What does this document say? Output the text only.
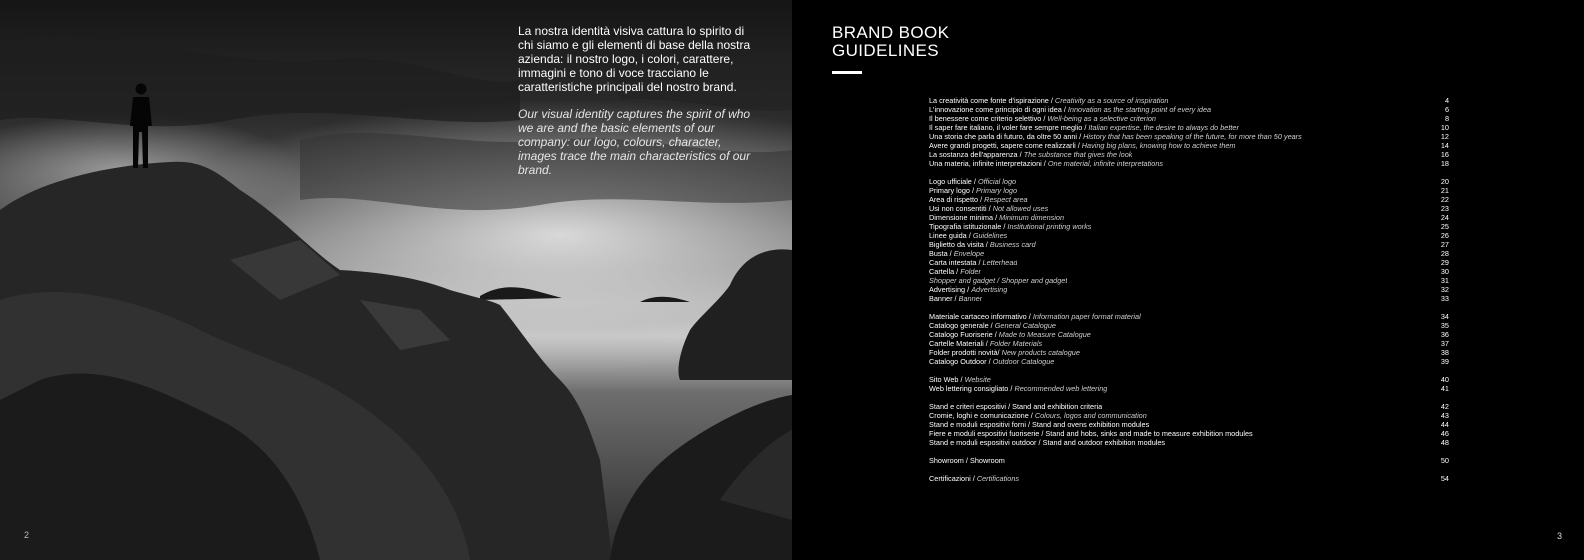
La nostra identità visiva cattura lo spirito di chi siamo e gli elementi di base della nostra azienda: il nostro logo, i colori, carattere, immagini e tono di voce tracciano le caratteristiche principali del nostro brand.

Our visual identity captures the spirit of who we are and the basic elements of our company: our logo, colours, character, images trace the main characteristics of our brand.

2
BRAND BOOK
GUIDELINES
La creatività come fonte d'ispirazione / Creativity as a source of inspiration	4
L'innovazione come principio di ogni idea / Innovation as the starting point of every idea	6
Il benessere come criterio selettivo / Well-being as a selective criterion	8
Il saper fare italiano, il voler fare sempre meglio / Italian expertise, the desire to always do better	10
Una storia che parla di futuro, da oltre 50 anni / History that has been speaking of the future, for more than 50 years	12
Avere grandi progetti, sapere come realizzarli / Having big plans, knowing how to achieve them	14
La sostanza dell'apparenza / The substance that gives the look	16
Una materia, infinite interpretazioni / One material, infinite interpretations	18
Logo ufficiale / Official logo	20
Primary logo / Primary logo	21
Area di rispetto / Respect area	22
Usi non consentiti / Not allowed uses	23
Dimensione minima / Minimum dimension	24
Tipografia istituzionale / Institutional printing works	25
Linee guida / Guidelines	26
Biglietto da visita / Business card	27
Busta / Envelope	28
Carta intestata / Letterhead	29
Cartella / Folder	30
Shopper and gadget / Shopper and gadget	31
Advertising / Advertising	32
Banner / Banner	33
Materiale cartaceo informativo / Information paper format material	34
Catalogo generale / General Catalogue	35
Catalogo Fuoriserie / Made to Measure Catalogue	36
Cartelle Materiali / Folder Materials	37
Folder prodotti novità/ New products catalogue	38
Catalogo Outdoor / Outdoor Catalogue	39
Sito Web / Website	40
Web lettering consigliato / Recommended web lettering	41
Stand e criteri espositivi / Stand and exhibition criteria	42
Cromie, loghi e comunicazione / Colours, logos and communication	43
Stand e moduli espositivi forni / Stand and ovens exhibition modules	44
Fiere e moduli espositivi fuoriserie / Stand and hobs, sinks and made to measure exhibition modules	46
Stand e moduli espositivi outdoor / Stand and outdoor exhibition modules	48
Showroom / Showroom	50
Certificazioni / Certifications	54
3
